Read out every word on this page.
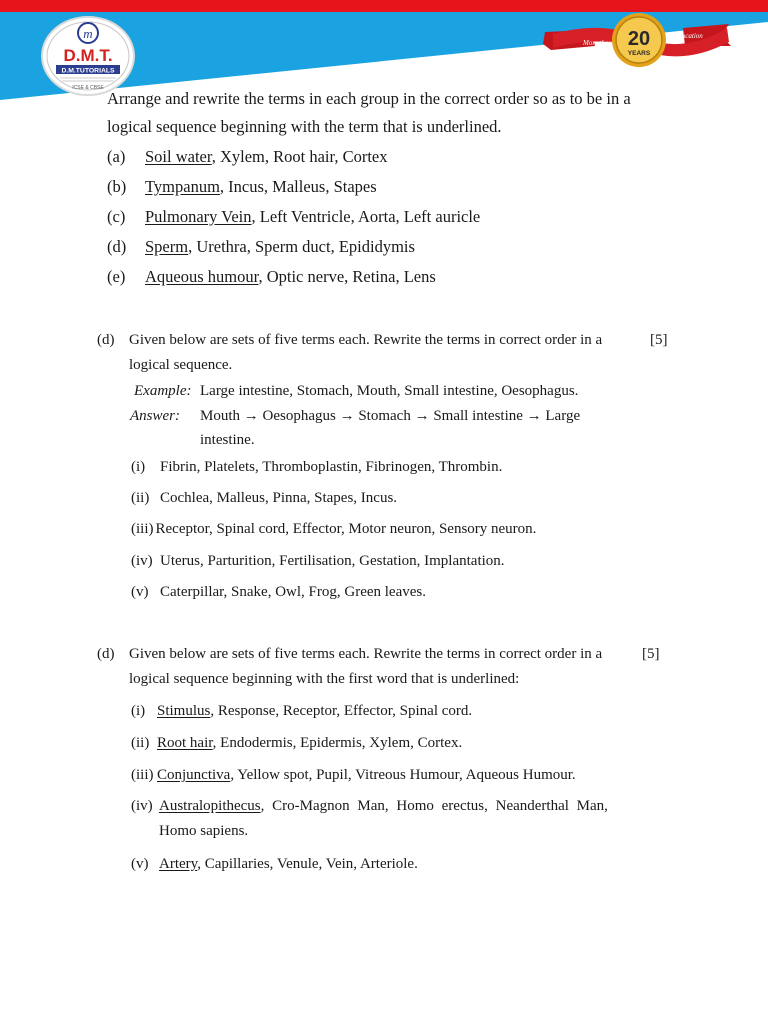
m
D.M.T.
D.M.TUTORIALS
ICSE & CBSE
More than
in education
20
YEARS
Arrange and rewrite the terms in each group in the correct order so as to be in a
logical sequence beginning with the term that is underlined.
(a) Soil water, Xylem, Root hair, Cortex
(b) Tympanum, Incus, Malleus, Stapes
(c) Pulmonary Vein, Left Ventricle, Aorta, Left auricle
(d) Sperm, Urethra, Sperm duct, Epididymis
(e) Aqueous humour, Optic nerve, Retina, Lens
(d) Given below are sets of five terms each. Rewrite the terms in correct order in a	[5]
logical sequence.
Example: Large intestine, Stomach, Mouth, Small intestine, Oesophagus.
Answer: Mouth → Oesophagus → Stomach → Small intestine → Large
intestine.
(i) Fibrin, Platelets, Thromboplastin, Fibrinogen, Thrombin.
(ii) Cochlea, Malleus, Pinna, Stapes, Incus.
(iii) Receptor, Spinal cord, Effector, Motor neuron, Sensory neuron.
(iv) Uterus, Parturition, Fertilisation, Gestation, Implantation.
(v) Caterpillar, Snake, Owl, Frog, Green leaves.
(d) Given below are sets of five terms each. Rewrite the terms in correct order in a	[5]
logical sequence beginning with the first word that is underlined:
(i) Stimulus, Response, Receptor, Effector, Spinal cord.
(ii) Root hair, Endodermis, Epidermis, Xylem, Cortex.
(iii) Conjunctiva, Yellow spot, Pupil, Vitreous Humour, Aqueous Humour.
(iv) Australopithecus, Cro-Magnon Man, Homo erectus, Neanderthal Man,
Homo sapiens.
(v) Artery, Capillaries, Venule, Vein, Arteriole.
